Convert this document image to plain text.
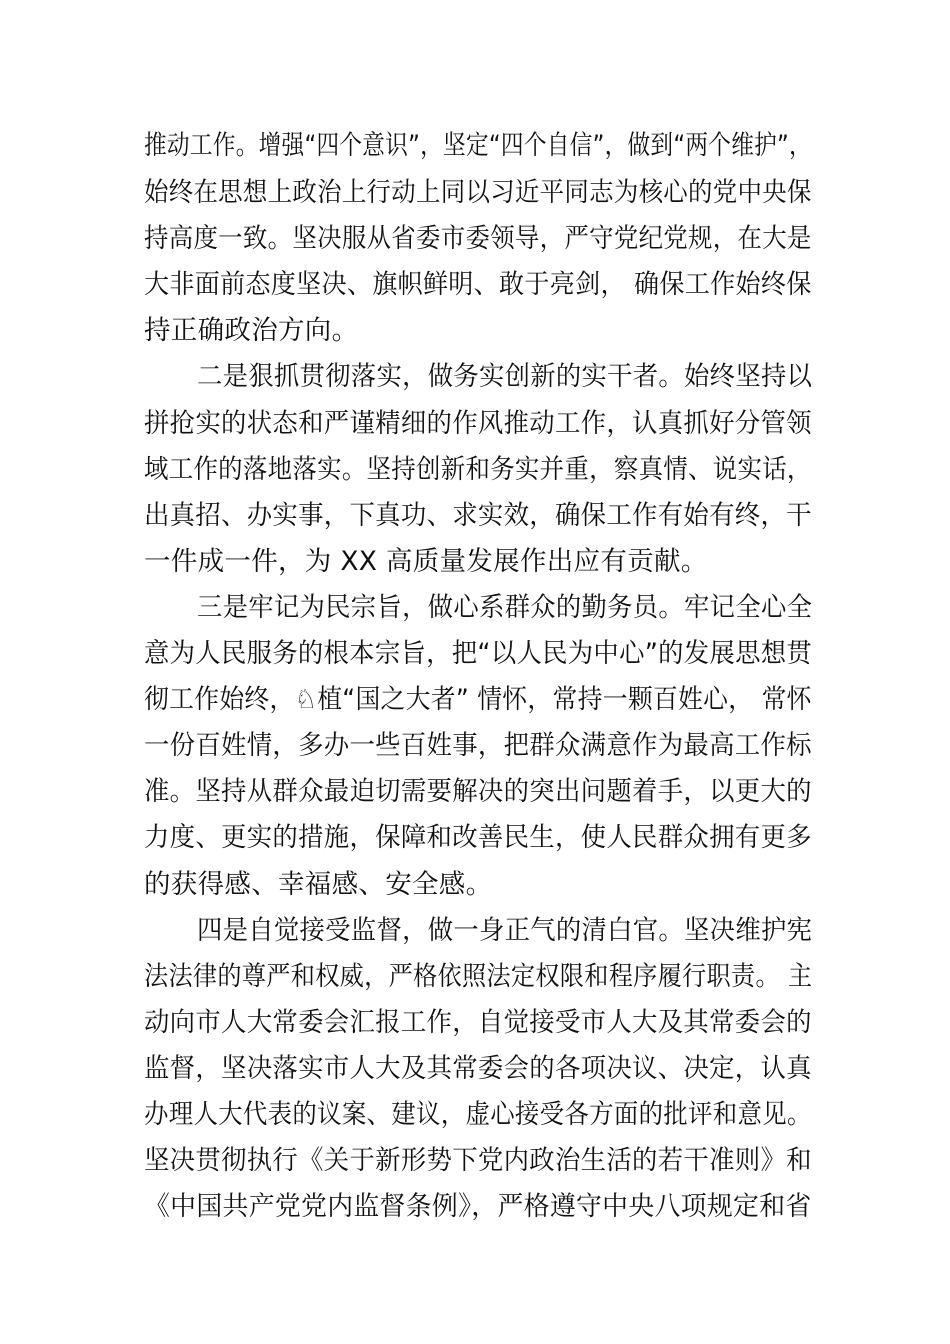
推动工作。增强“四个意识”，坚定“四个自信”，做到“两个维护”，
始终在思想上政治上行动上同以习近平同志为核心的党中央保
持高度一致。坚决服从省委市委领导，严守党纪党规，在大是
大非面前态度坚决、旗帜鲜明、敢于亮剑， 确保工作始终保
持正确政治方向。
二是狠抓贯彻落实，做务实创新的实干者。始终坚持以
拼抢实的状态和严谨精细的作风推动工作，认真抓好分管领
域工作的落地落实。坚持创新和务实并重，察真情、说实话，
出真招、办实事，下真功、求实效，确保工作有始有终，干
一件成一件，为 XX 高质量发展作出应有贡献。
三是牢记为民宗旨，做心系群众的勤务员。牢记全心全
意为人民服务的根本宗旨，把“以人民为中心”的发展思想贯
彻工作始终，♘植“国之大者” 情怀，常持一颗百姓心， 常怀
一份百姓情，多办一些百姓事，把群众满意作为最高工作标
准。坚持从群众最迫切需要解决的突出问题着手，以更大的
力度、更实的措施，保障和改善民生，使人民群众拥有更多
的获得感、幸福感、安全感。
四是自觉接受监督，做一身正气的清白官。坚决维护宪
法法律的尊严和权威，严格依照法定权限和程序履行职责。 主
动向市人大常委会汇报工作，自觉接受市人大及其常委会的
监督，坚决落实市人大及其常委会的各项决议、决定，认真
办理人大代表的议案、建议，虚心接受各方面的批评和意见。
坚决贯彻执行《关于新形势下党内政治生活的若干准则》和
《中国共产党党内监督条例》，严格遵守中央八项规定和省
